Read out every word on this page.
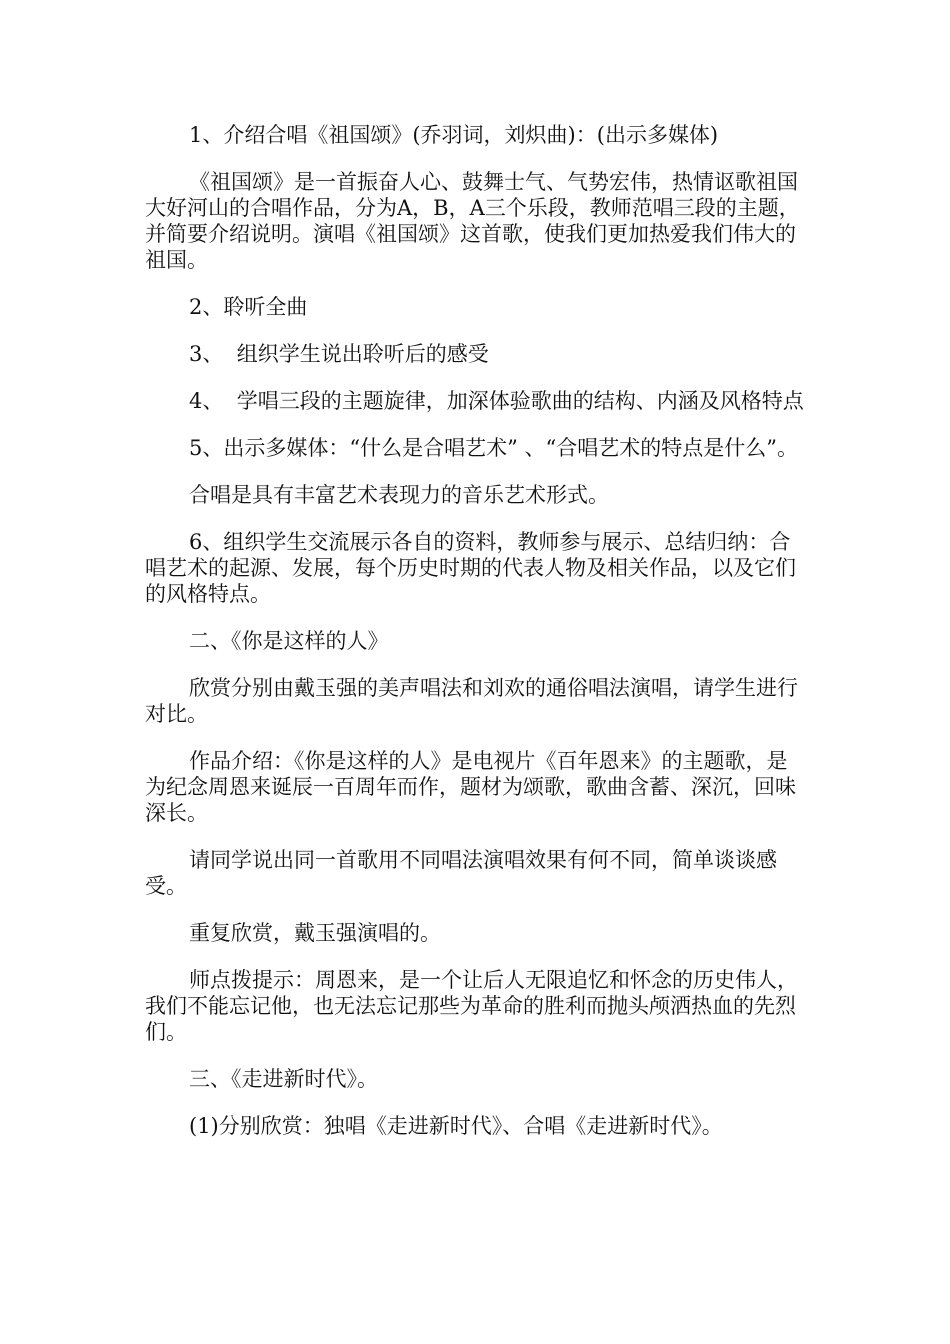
1、介绍合唱《祖国颂》(乔羽词，刘炽曲)：(出示多媒体)

《祖国颂》是一首振奋人心、鼓舞士气、气势宏伟，热情讴歌祖国大好河山的合唱作品，分为A，B，A三个乐段，教师范唱三段的主题，并简要介绍说明。演唱《祖国颂》这首歌，使我们更加热爱我们伟大的祖国。

2、聆听全曲

3、  组织学生说出聆听后的感受

4、  学唱三段的主题旋律，加深体验歌曲的结构、内涵及风格特点

5、出示多媒体：“什么是合唱艺术” 、“合唱艺术的特点是什么”。

合唱是具有丰富艺术表现力的音乐艺术形式。

6、组织学生交流展示各自的资料，教师参与展示、总结归纳：合唱艺术的起源、发展，每个历史时期的代表人物及相关作品，以及它们的风格特点。

二、《你是这样的人》

欣赏分别由戴玉强的美声唱法和刘欢的通俗唱法演唱，请学生进行对比。

作品介绍：《你是这样的人》是电视片《百年恩来》的主题歌，是为纪念周恩来诞辰一百周年而作，题材为颂歌，歌曲含蓄、深沉，回味深长。

请同学说出同一首歌用不同唱法演唱效果有何不同，简单谈谈感受。

重复欣赏，戴玉强演唱的。

师点拨提示：周恩来，是一个让后人无限追忆和怀念的历史伟人，我们不能忘记他，也无法忘记那些为革命的胜利而抛头颅洒热血的先烈们。

三、《走进新时代》。

(1)分别欣赏：独唱《走进新时代》、合唱《走进新时代》。
